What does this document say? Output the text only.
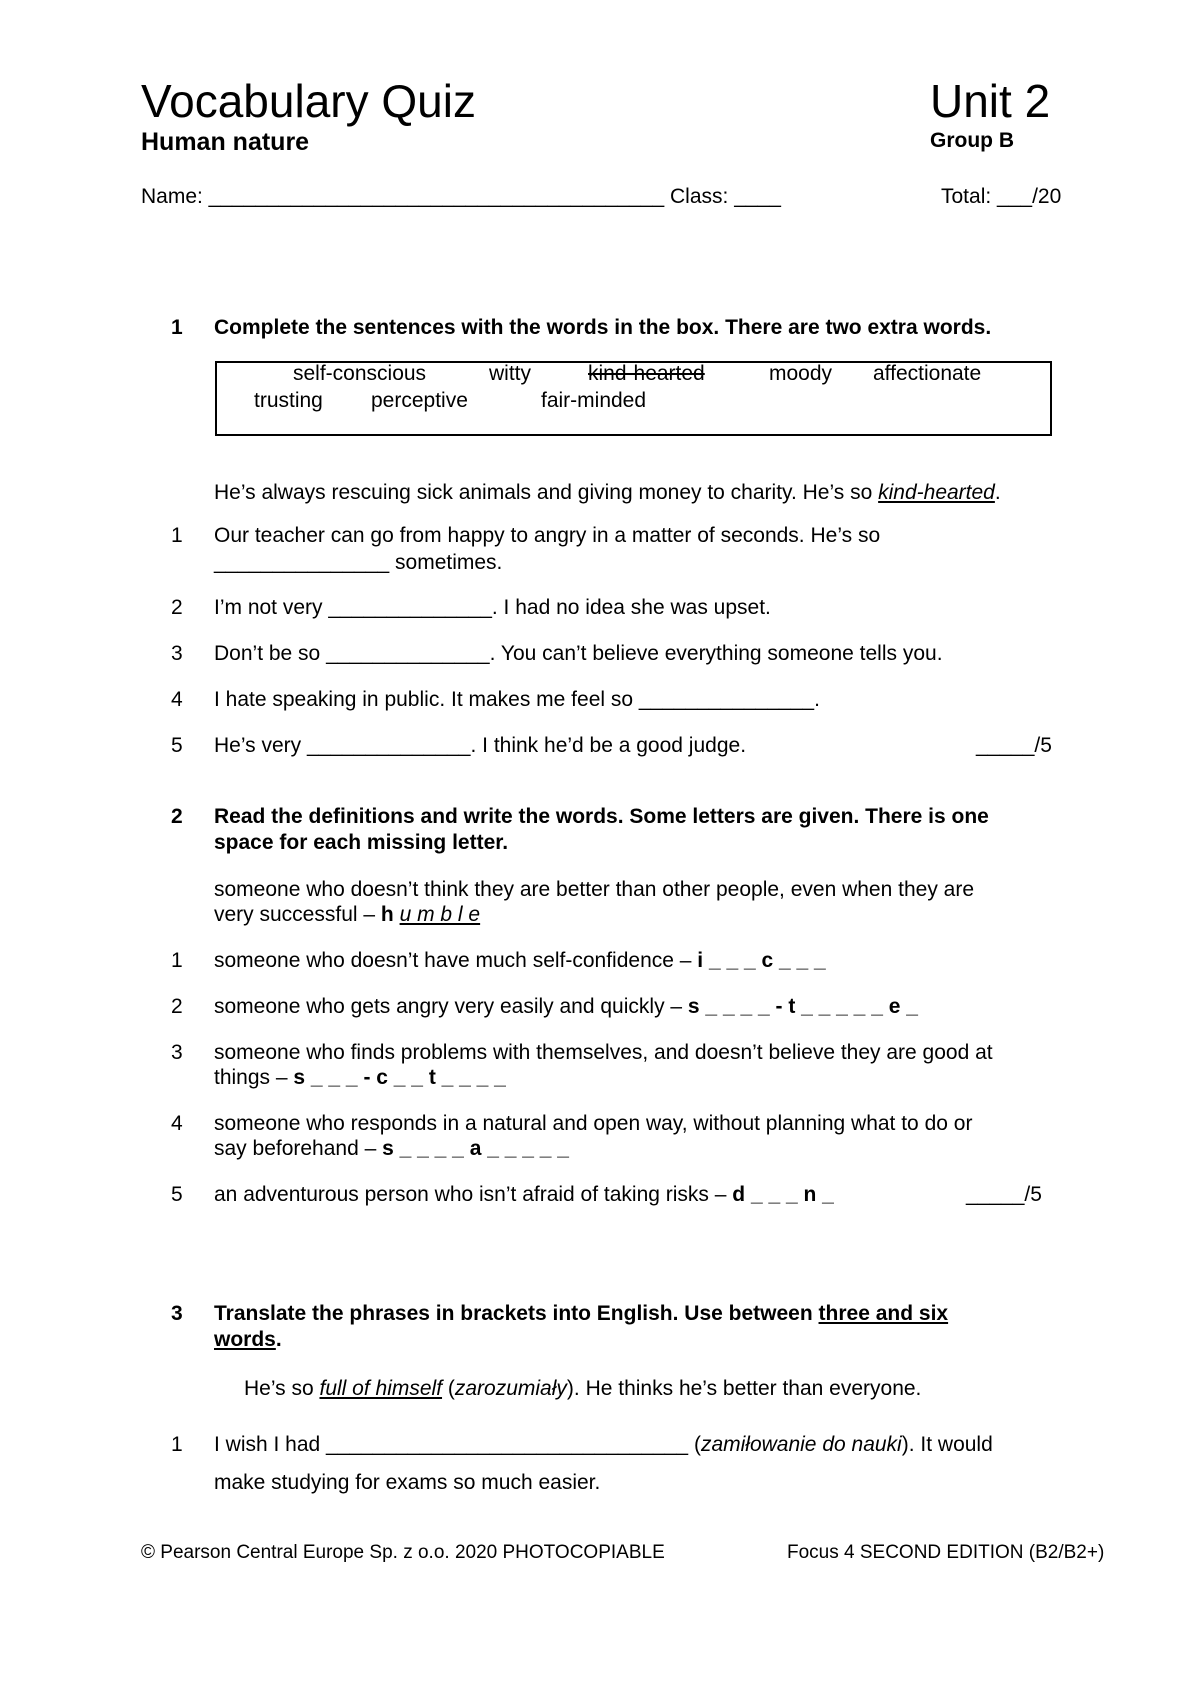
Vocabulary Quiz	Unit 2
Human nature	Group B
Name: _______________________________________ Class: ____	Total: ___/20
1 Complete the sentences with the words in the box. There are two extra words.
self-conscious	witty	kind-hearted	moody affectionate
trusting perceptive	fair-minded
He’s always rescuing sick animals and giving money to charity. He’s so kind-hearted.
1 Our teacher can go from happy to angry in a matter of seconds. He’s so
_______________ sometimes.
2 I’m not very ______________. I had no idea she was upset.
3 Don’t be so ______________. You can’t believe everything someone tells you.
4 I hate speaking in public. It makes me feel so _______________.
5 He’s very ______________. I think he’d be a good judge.	_____/5
2 Read the definitions and write the words. Some letters are given. There is one
space for each missing letter.
someone who doesn’t think they are better than other people, even when they are
very successful – h u m b l e
1 someone who doesn’t have much self-confidence – i _ _ _ c _ _ _
2 someone who gets angry very easily and quickly – s _ _ _ _ - t _ _ _ _ _ e _
3 someone who finds problems with themselves, and doesn’t believe they are good at
things – s _ _ _ - c _ _ t _ _ _ _
4 someone who responds in a natural and open way, without planning what to do or
say beforehand – s _ _ _ _ a _ _ _ _ _
5 an adventurous person who isn’t afraid of taking risks – d _ _ _ n _	_____/5
3 Translate the phrases in brackets into English. Use between three and six
words.
He’s so full of himself (zarozumiały). He thinks he’s better than everyone.
1 I wish I had _______________________________ (zamiłowanie do nauki). It would
make studying for exams so much easier.
© Pearson Central Europe Sp. z o.o. 2020 PHOTOCOPIABLE	Focus 4 SECOND EDITION (B2/B2+)
